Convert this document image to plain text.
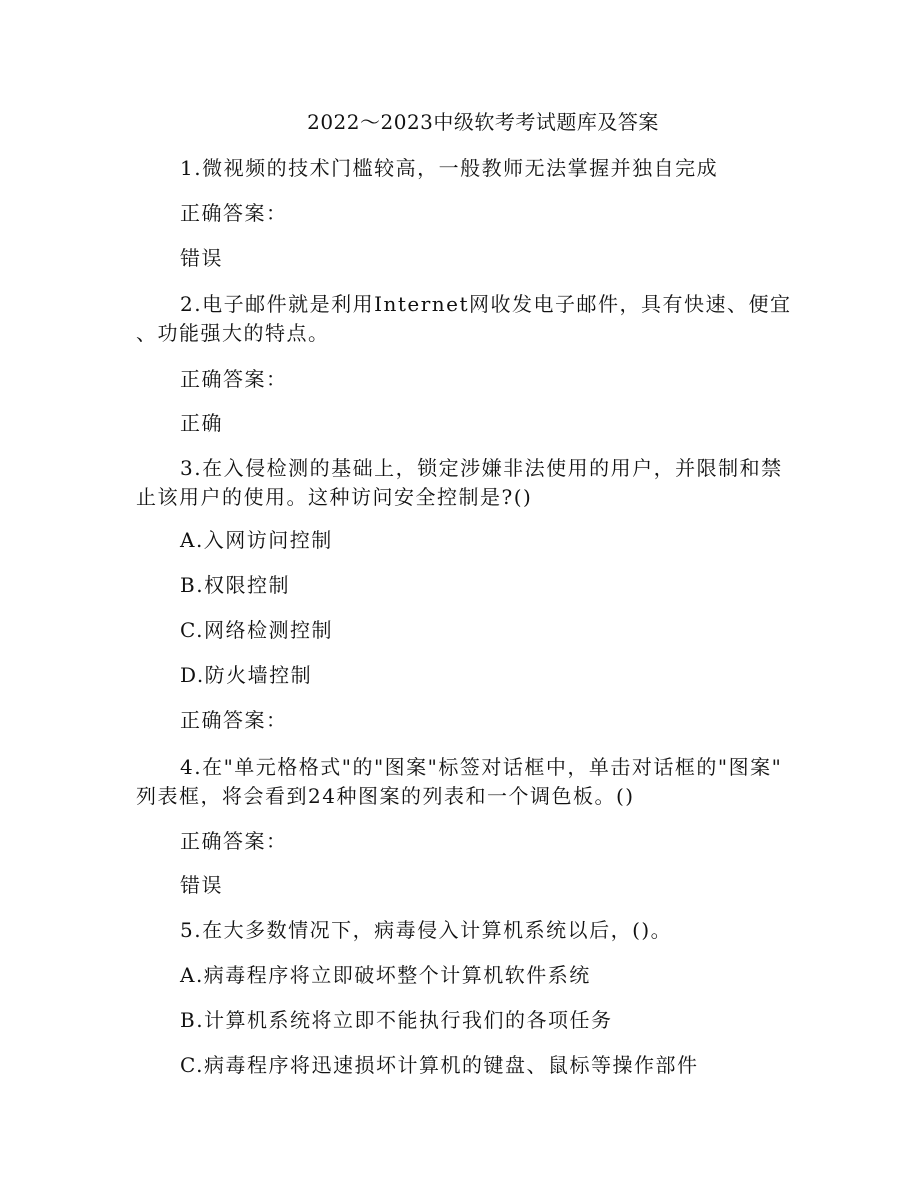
2022～2023中级软考考试题库及答案
1.微视频的技术门槛较高，一般教师无法掌握并独自完成
正确答案：
错误
2.电子邮件就是利用Internet网收发电子邮件，具有快速、便宜
、功能强大的特点。
正确答案：
正确
3.在入侵检测的基础上，锁定涉嫌非法使用的用户，并限制和禁
止该用户的使用。这种访问安全控制是?()
A.入网访问控制
B.权限控制
C.网络检测控制
D.防火墙控制
正确答案：
4.在"单元格格式"的"图案"标签对话框中，单击对话框的"图案"
列表框，将会看到24种图案的列表和一个调色板。()
正确答案：
错误
5.在大多数情况下，病毒侵入计算机系统以后，()。
A.病毒程序将立即破坏整个计算机软件系统
B.计算机系统将立即不能执行我们的各项任务
C.病毒程序将迅速损坏计算机的键盘、鼠标等操作部件
